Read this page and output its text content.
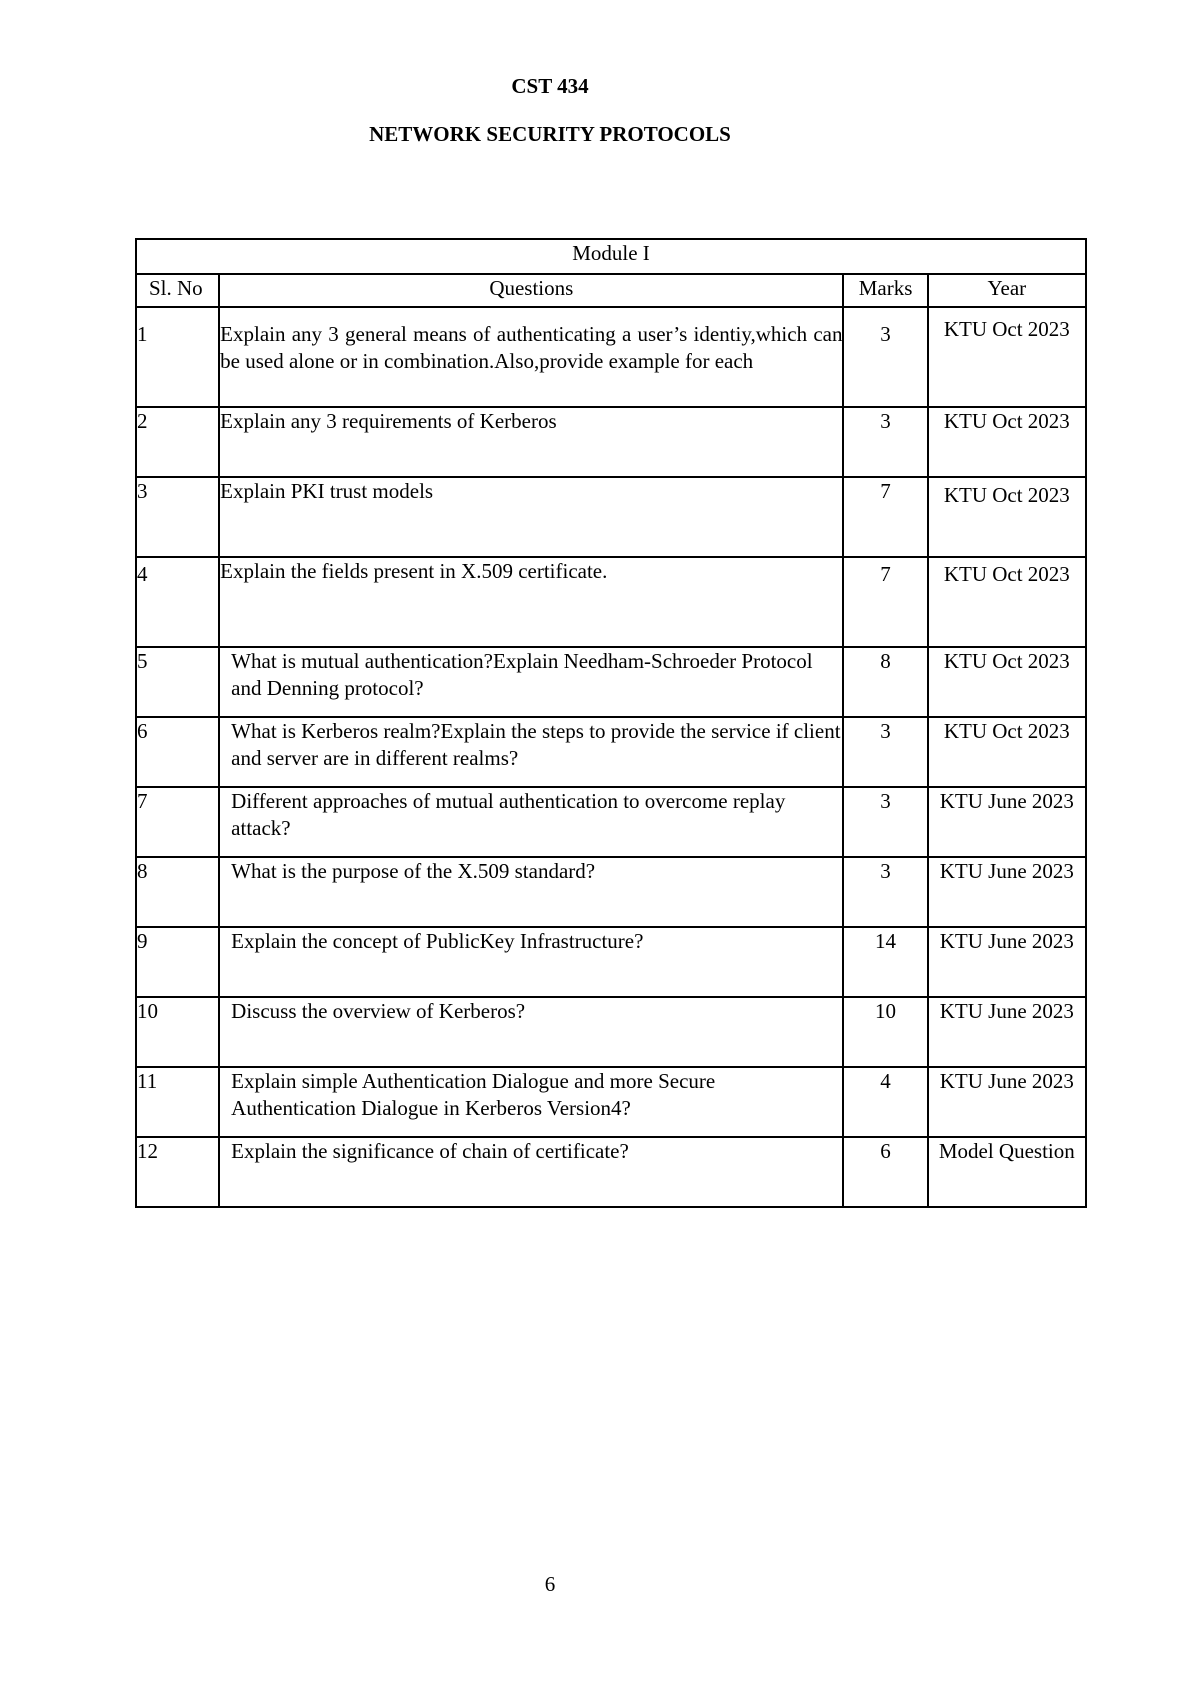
CST 434
NETWORK SECURITY PROTOCOLS
Module I			
Sl. No	Questions	Marks	Year
1	Explain any 3 general means of authenticating a user’s identiy,which can be used alone or in combination.Also,provide example for each	3	KTU Oct 2023
2	Explain any 3 requirements of Kerberos	3	KTU Oct 2023
3	Explain PKI trust models	7	KTU Oct 2023
4	Explain the fields present in X.509 certificate.	7	KTU Oct 2023
5	What is mutual authentication?Explain Needham-Schroeder Protocol and Denning protocol?	8	KTU Oct 2023
6	What is Kerberos realm?Explain the steps to provide the service if client and server are in different realms?	3	KTU Oct 2023
7	Different approaches of mutual authentication to overcome replay attack?	3	KTU June 2023
8	What is the purpose of the X.509 standard?	3	KTU June 2023
9	Explain the concept of PublicKey Infrastructure?	14	KTU June 2023
10	Discuss the overview of Kerberos?	10	KTU June 2023
11	Explain simple Authentication Dialogue and more Secure Authentication Dialogue in Kerberos Version4?	4	KTU June 2023
12	Explain the significance of chain of certificate?	6	Model Question
6
